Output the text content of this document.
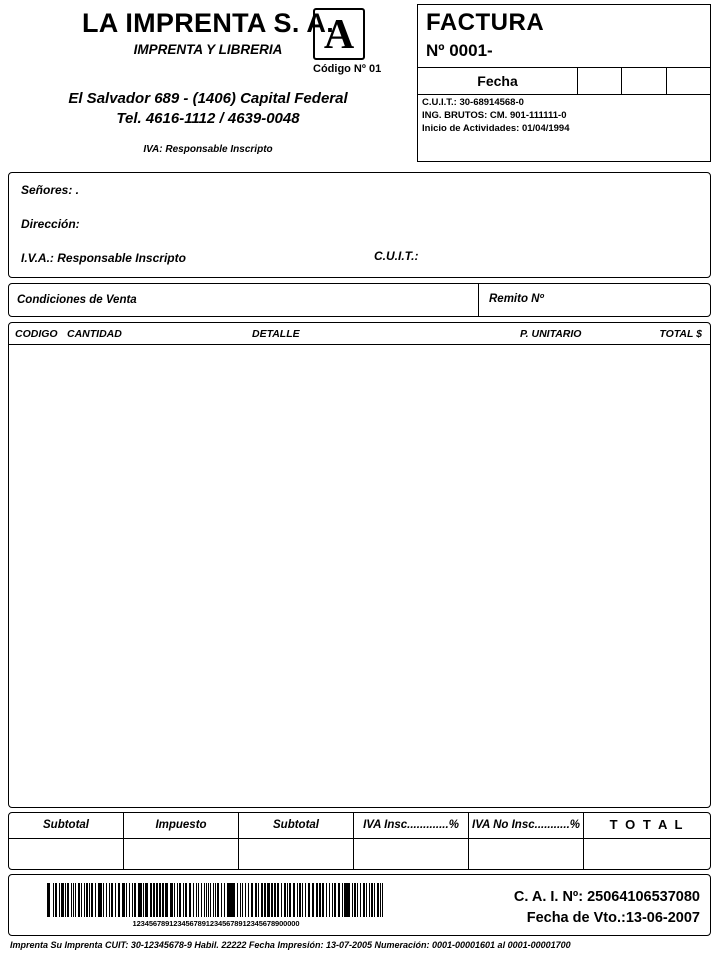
LA IMPRENTA S. A.
IMPRENTA Y LIBRERIA
El Salvador 689 - (1406) Capital Federal
Tel. 4616-1112 / 4639-0048
IVA: Responsable Inscripto
A
Código Nº 01
FACTURA
Nº 0001-
Fecha
C.U.I.T.: 30-68914568-0
ING. BRUTOS: CM. 901-111111-0
Inicio de Actividades: 01/04/1994
Señores: .
Dirección:
I.V.A.: Responsable Inscripto	C.U.I.T.:
Condiciones de Venta	Remito Nº
CODIGO CANTIDAD	DETALLE	P. UNITARIO	TOTAL $
Subtotal	Impuesto	Subtotal	IVA Insc.............%	IVA No Insc...........%	T O T A L
12345678912345678912345678912345678900000
C. A. I. Nº: 25064106537080
Fecha de Vto.:13-06-2007
Imprenta Su Imprenta CUIT: 30-12345678-9 Habil. 22222 Fecha Impresión: 13-07-2005 Numeración: 0001-00001601 al 0001-00001700
